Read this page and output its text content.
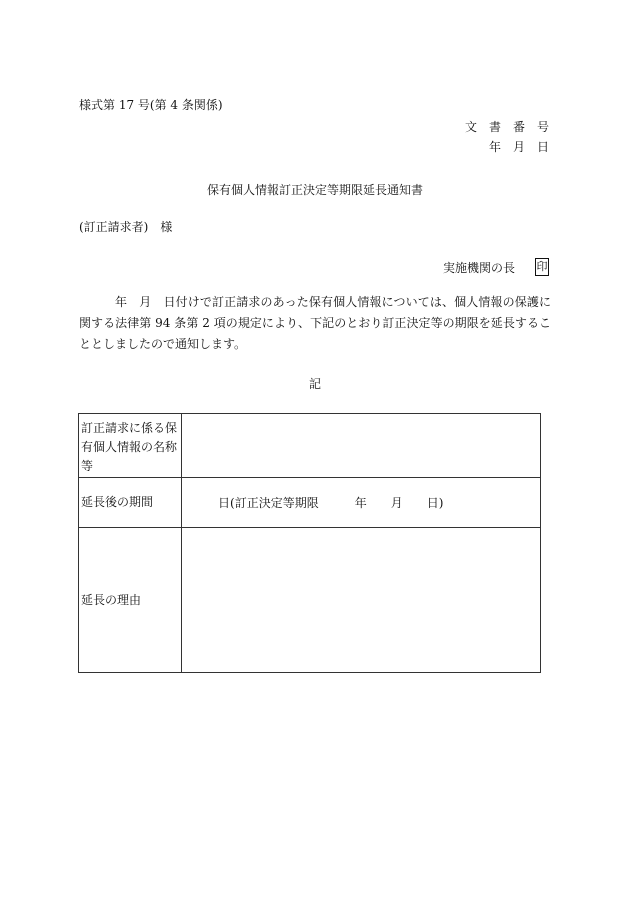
様式第 17 号(第 4 条関係)
文　書　番　号
年　月　日
保有個人情報訂正決定等期限延長通知書
(訂正請求者)　様
実施機関の長 印
年　月　日付けで訂正請求のあった保有個人情報については、個人情報の保護に関する法律第 94 条第 2 項の規定により、下記のとおり訂正決定等の期限を延長することとしましたので通知します。
記
訂正請求に係る保有個人情報の名称等	
延長後の期間	日(訂正決定等期限 年 月 日)

延長の理由	
